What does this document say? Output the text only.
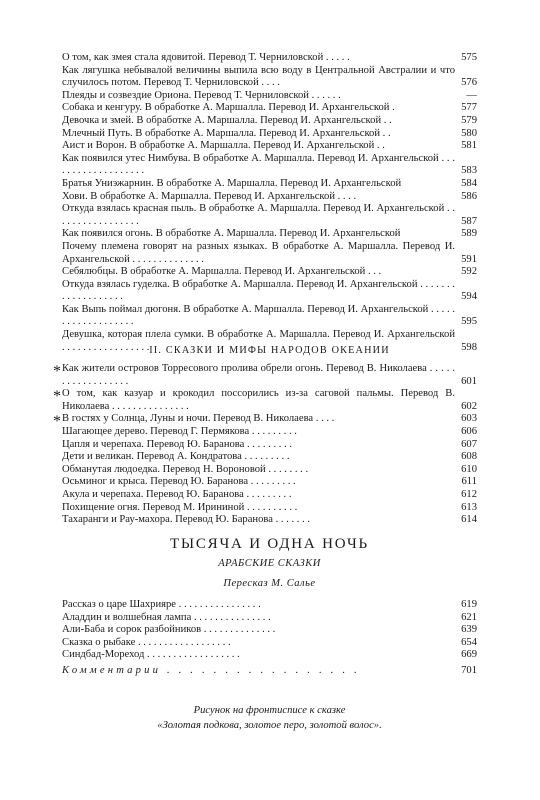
О том, как змея стала ядовитой. Перевод Т. Черниловской . . . . .	575
Как лягушка небывалой величины выпила всю воду в Центральной Австралии и что случилось потом. Перевод Т. Черниловской . . . .	576
Плеяды и созвездие Ориона. Перевод Т. Черниловской . . . . . .	—
Собака и кенгуру. В обработке А. Маршалла. Перевод И. Архангельской .	577
Девочка и змей. В обработке А. Маршалла. Перевод И. Архангельской . .	579
Млечный Путь. В обработке А. Маршалла. Перевод И. Архангельской . .	580
Аист и Ворон. В обработке А. Маршалла. Перевод И. Архангельской . .	581
Как появился утес Нимбува. В обработке А. Маршалла. Перевод И. Архангельской . . . . . . . . . . . . . . . . . . .	583
Братья Униэжарнин. В обработке А. Маршалла. Перевод И. Архангельской	584
Хови. В обработке А. Маршалла. Перевод И. Архангельской . . . .	586
Откуда взялась красная пыль. В обработке А. Маршалла. Перевод И. Архангельской . . . . . . . . . . . . . . . . .	587
Как появился огонь. В обработке А. Маршалла. Перевод И. Архангельской	589
Почему племена говорят на разных языках. В обработке А. Маршалла. Перевод И. Архангельской . . . . . . . . . . . . . .	591
Себялюбцы. В обработке А. Маршалла. Перевод И. Архангельской . . .	592
Откуда взялась гуделка. В обработке А. Маршалла. Перевод И. Архангельской . . . . . . . . . . . . . . . . . . .	594
Как Выпь поймал дюгоня. В обработке А. Маршалла. Перевод И. Архангельской . . . . . . . . . . . . . . . . . . .	595
Девушка, которая плела сумки. В обработке А. Маршалла. Перевод И. Архангельской . . . . . . . . . . . . . . . . .	598
II. СКАЗКИ И МИФЫ НАРОДОВ ОКЕАНИИ
* Как жители островов Торресового пролива обрели огонь. Перевод В. Николаева . . . . . . . . . . . . . . . . . .	601
* О том, как казуар и крокодил поссорились из-за саговой пальмы. Перевод В. Николаева . . . . . . . . . . . . . . .	602
* В гостях у Солнца, Луны и ночи. Перевод В. Николаева . . . .	603
Шагающее дерево. Перевод Г. Пермякова . . . . . . . . .	606
Цапля и черепаха. Перевод Ю. Баранова . . . . . . . . .	607
Дети и великан. Перевод А. Кондратова . . . . . . . . .	608
Обманутая людоедка. Перевод Н. Вороновой . . . . . . . .	610
Осьминог и крыса. Перевод Ю. Баранова . . . . . . . . .	611
Акула и черепаха. Перевод Ю. Баранова . . . . . . . . .	612
Похищение огня. Перевод М. Ирининой . . . . . . . . . .	613
Тахаранги и Рау-махора. Перевод Ю. Баранова . . . . . . .	614
ТЫСЯЧА И ОДНА НОЧЬ
АРАБСКИЕ СКАЗКИ
Пересказ М. Салье
Рассказ о царе Шахрияре . . . . . . . . . . . . . . . .	619
Аладдин и волшебная лампа . . . . . . . . . . . . . . .	621
Али-Баба и сорок разбойников . . . . . . . . . . . . . .	639
Сказка о рыбаке . . . . . . . . . . . . . . . . . .	654
Синдбад-Мореход . . . . . . . . . . . . . . . . . .	669
Комментарии . . . . . . . . . . . . . . . . .	701
Рисунок на фронтисписе к сказке
«Золотая подкова, золотое перо, золотой волос».
